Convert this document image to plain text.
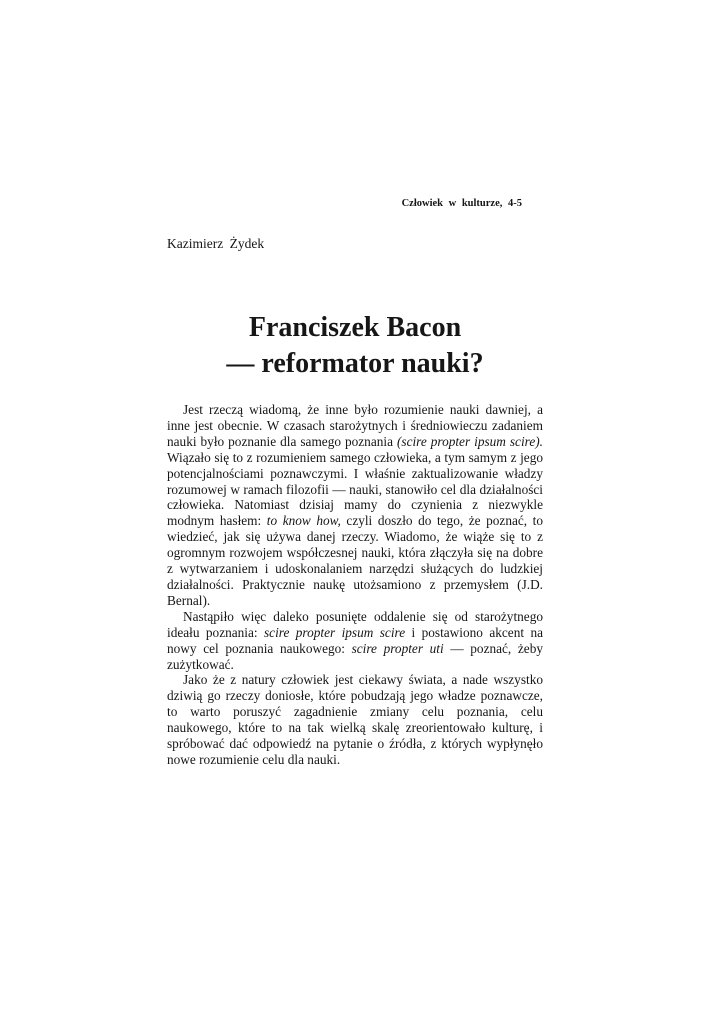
Człowiek w kulturze, 4-5
Kazimierz Żydek
Franciszek Bacon
— reformator nauki?

Jest rzeczą wiadomą, że inne było rozumienie nauki dawniej, a inne jest obecnie. W czasach starożytnych i średniowieczu zadaniem nauki było poznanie dla samego poznania (scire propter ipsum scire). Wiązało się to z rozumieniem samego człowieka, a tym samym z jego potencjalnościami poznawczymi. I właśnie zaktualizowanie władzy rozumowej w ramach filozofii — nauki, stanowiło cel dla działalności człowieka. Natomiast dzisiaj mamy do czynienia z niezwykle modnym hasłem: to know how, czyli doszło do tego, że poznać, to wiedzieć, jak się używa danej rzeczy. Wiadomo, że wiąże się to z ogromnym rozwojem współczesnej nauki, która złączyła się na dobre z wytwarzaniem i udoskonalaniem narzędzi służących do ludzkiej działalności. Praktycznie naukę utożsamiono z przemysłem (J.D. Bernal).

Nastąpiło więc daleko posunięte oddalenie się od starożytnego ideału poznania: scire propter ipsum scire i postawiono akcent na nowy cel poznania naukowego: scire propter uti — poznać, żeby zużytkować.

Jako że z natury człowiek jest ciekawy świata, a nade wszystko dziwią go rzeczy doniosłe, które pobudzają jego władze poznawcze, to warto poruszyć zagadnienie zmiany celu poznania, celu naukowego, które to na tak wielką skalę zreorientowało kulturę, i spróbować dać odpowiedź na pytanie o źródła, z których wypłynęło nowe rozumienie celu dla nauki.
